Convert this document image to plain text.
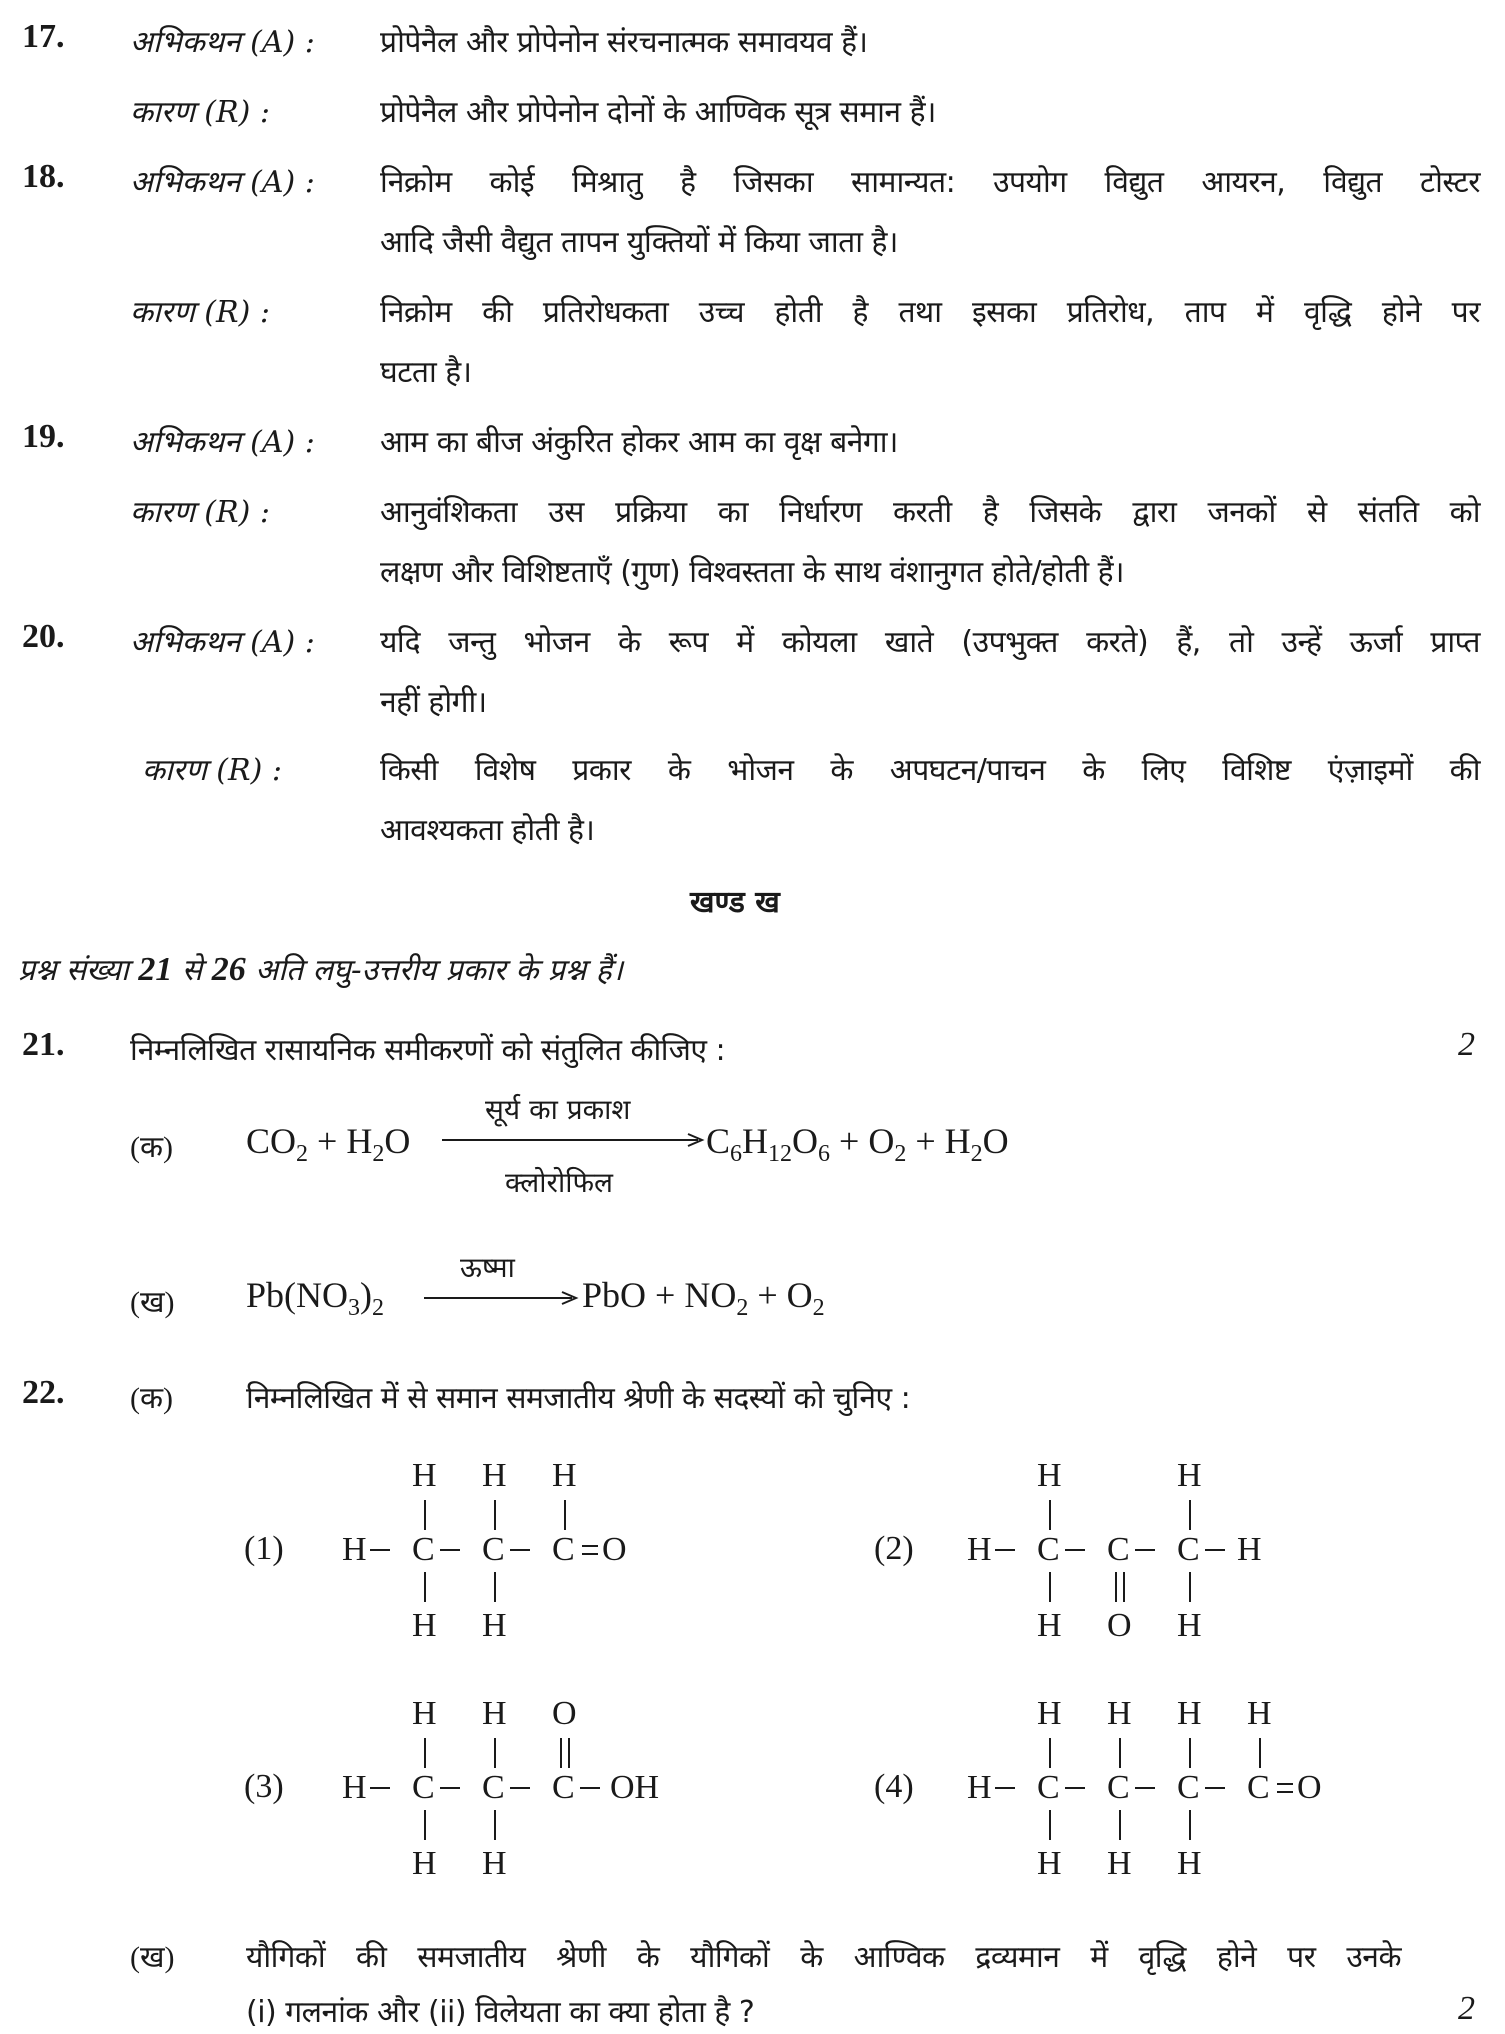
17. अभिकथन (A) : प्रोपेनैल और प्रोपेनोन संरचनात्मक समावयव हैं।
कारण (R) :	प्रोपेनैल और प्रोपेनोन दोनों के आण्विक सूत्र समान हैं।
18. अभिकथन (A) : निक्रोम कोई मिश्रातु है जिसका सामान्यत: उपयोग विद्युत आयरन, विद्युत टोस्टर
आदि जैसी वैद्युत तापन युक्तियों में किया जाता है।
कारण (R) :	निक्रोम की प्रतिरोधकता उच्च होती है तथा इसका प्रतिरोध, ताप में वृद्धि होने पर
घटता है।
19. अभिकथन (A) : आम का बीज अंकुरित होकर आम का वृक्ष बनेगा।
कारण (R) :	आनुवंशिकता उस प्रक्रिया का निर्धारण करती है जिसके द्वारा जनकों से संतति को
लक्षण और विशिष्टताएँ (गुण) विश्वस्तता के साथ वंशानुगत होते/होती हैं।
20. अभिकथन (A) : यदि जन्तु भोजन के रूप में कोयला खाते (उपभुक्त करते) हैं, तो उन्हें ऊर्जा प्राप्त
नहीं होगी।
कारण (R) :	किसी विशेष प्रकार के भोजन के अपघटन/पाचन के लिए विशिष्ट एंज़ाइमों की
आवश्यकता होती है।
खण्ड ख
प्रश्न संख्या 21 से 26 अति लघु-उत्तरीय प्रकार के प्रश्न हैं।
21. निम्नलिखित रासायनिक समीकरणों को संतुलित कीजिए :	2
(क) $CO_2 + H_2O$
सूर्य का प्रकाश
क्लोरोफिल
$C_6H_{12}O_6 + O_2 + H_2O$
(ख) $Pb(NO_3)_2$
ऊष्मा
PbO + $NO_2 + O_2$
22. (क) निम्नलिखित में से समान समजातीय श्रेणी के सदस्यों को चुनिए :
(1)
H H H
H C C C O
H H
(2)
H	H
H C C C H
H O H
(3)
H H O
H C C C OH
H H
(4)
H H H H
H C C C C O
H H H
(ख) यौगिकों की समजातीय श्रेणी के यौगिकों के आण्विक द्रव्यमान में वृद्धि होने पर उनके
(i) गलनांक और (ii) विलेयता का क्या होता है ?	2
